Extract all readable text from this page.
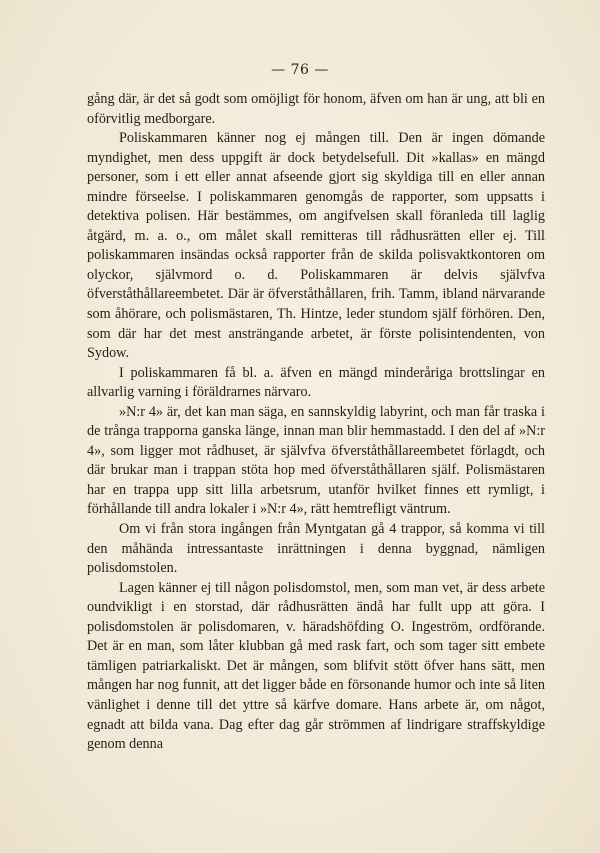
— 76 —

gång där, är det så godt som omöjligt för honom, äfven om han är ung, att bli en oförvitlig medborgare.

Poliskammaren känner nog ej mången till. Den är ingen dömande myndighet, men dess uppgift är dock betydelsefull. Dit »kallas» en mängd personer, som i ett eller annat afseende gjort sig skyldiga till en eller annan mindre förseelse. I poliskammaren genomgås de rapporter, som uppsatts i detektiva polisen. Här bestämmes, om angifvelsen skall föranleda till laglig åtgärd, m. a. o., om målet skall remitteras till rådhusrätten eller ej. Till poliskammaren insändas också rapporter från de skilda polisvaktkontoren om olyckor, självmord o. d. Poliskammaren är delvis självfva öfverståthållareembetet. Där är öfverståthållaren, frih. Tamm, ibland närvarande som åhörare, och polismästaren, Th. Hintze, leder stundom själf förhören. Den, som där har det mest ansträngande arbetet, är förste polisintendenten, von Sydow.

I poliskammaren få bl. a. äfven en mängd minderåriga brottslingar en allvarlig varning i föräldrarnes närvaro.

»N:r 4» är, det kan man säga, en sannskyldig labyrint, och man får traska i de trånga trapporna ganska länge, innan man blir hemmastadd. I den del af »N:r 4», som ligger mot rådhuset, är självfva öfverståthållareembetet förlagdt, och där brukar man i trappan stöta hop med öfverståthållaren själf. Polismästaren har en trappa upp sitt lilla arbetsrum, utanför hvilket finnes ett rymligt, i förhållande till andra lokaler i »N:r 4», rätt hemtrefligt väntrum.

Om vi från stora ingången från Myntgatan gå 4 trappor, så komma vi till den måhända intressantaste inrättningen i denna byggnad, nämligen polisdomstolen.

Lagen känner ej till någon polisdomstol, men, som man vet, är dess arbete oundvikligt i en storstad, där rådhusrätten ändå har fullt upp att göra. I polisdomstolen är polisdomaren, v. häradshöfding O. Ingeström, ordförande. Det är en man, som låter klubban gå med rask fart, och som tager sitt embete tämligen patriarkaliskt. Det är mången, som blifvit stött öfver hans sätt, men mången har nog funnit, att det ligger både en försonande humor och inte så liten vänlighet i denne till det yttre så kärfve domare. Hans arbete är, om något, egnadt att bilda vana. Dag efter dag går strömmen af lindrigare straffskyldige genom denna
